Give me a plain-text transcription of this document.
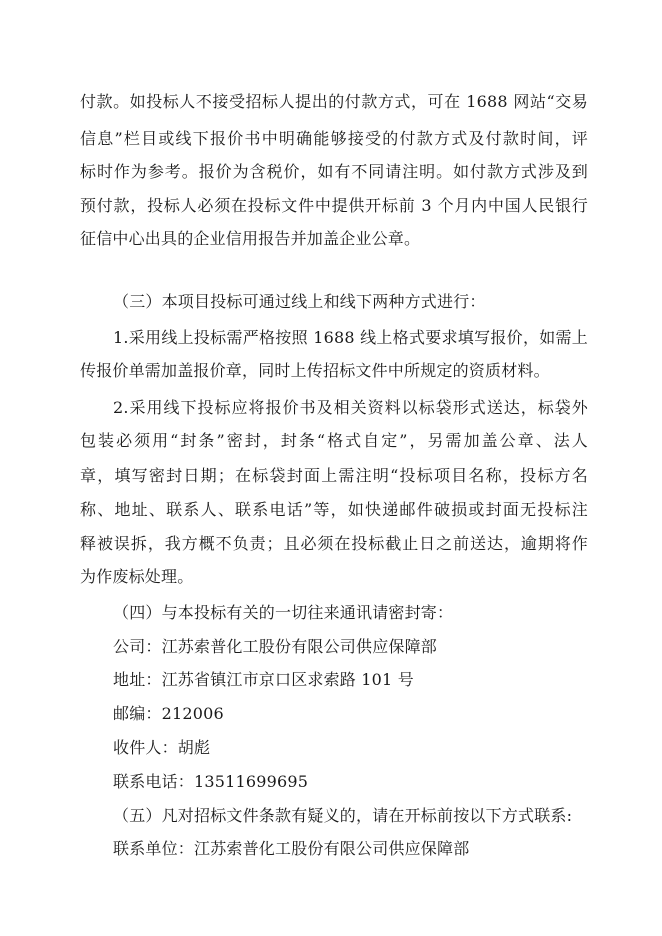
付款。如投标人不接受招标人提出的付款方式，可在 1688 网站“交易
信息”栏目或线下报价书中明确能够接受的付款方式及付款时间，评
标时作为参考。报价为含税价，如有不同请注明。如付款方式涉及到
预付款，投标人必须在投标文件中提供开标前 3 个月内中国人民银行
征信中心出具的企业信用报告并加盖企业公章。
（三）本项目投标可通过线上和线下两种方式进行：
1.采用线上投标需严格按照 1688 线上格式要求填写报价，如需上
传报价单需加盖报价章，同时上传招标文件中所规定的资质材料。
2.采用线下投标应将报价书及相关资料以标袋形式送达，标袋外
包装必须用“封条”密封，封条“格式自定”，另需加盖公章、法人
章，填写密封日期；在标袋封面上需注明“投标项目名称，投标方名
称、地址、联系人、联系电话”等，如快递邮件破损或封面无投标注
释被误拆，我方概不负责；且必须在投标截止日之前送达，逾期将作
为作废标处理。
（四）与本投标有关的一切往来通讯请密封寄：
公司：江苏索普化工股份有限公司供应保障部
地址：江苏省镇江市京口区求索路 101 号
邮编：212006
收件人：胡彪
联系电话：13511699695
（五）凡对招标文件条款有疑义的，请在开标前按以下方式联系:
联系单位：江苏索普化工股份有限公司供应保障部
